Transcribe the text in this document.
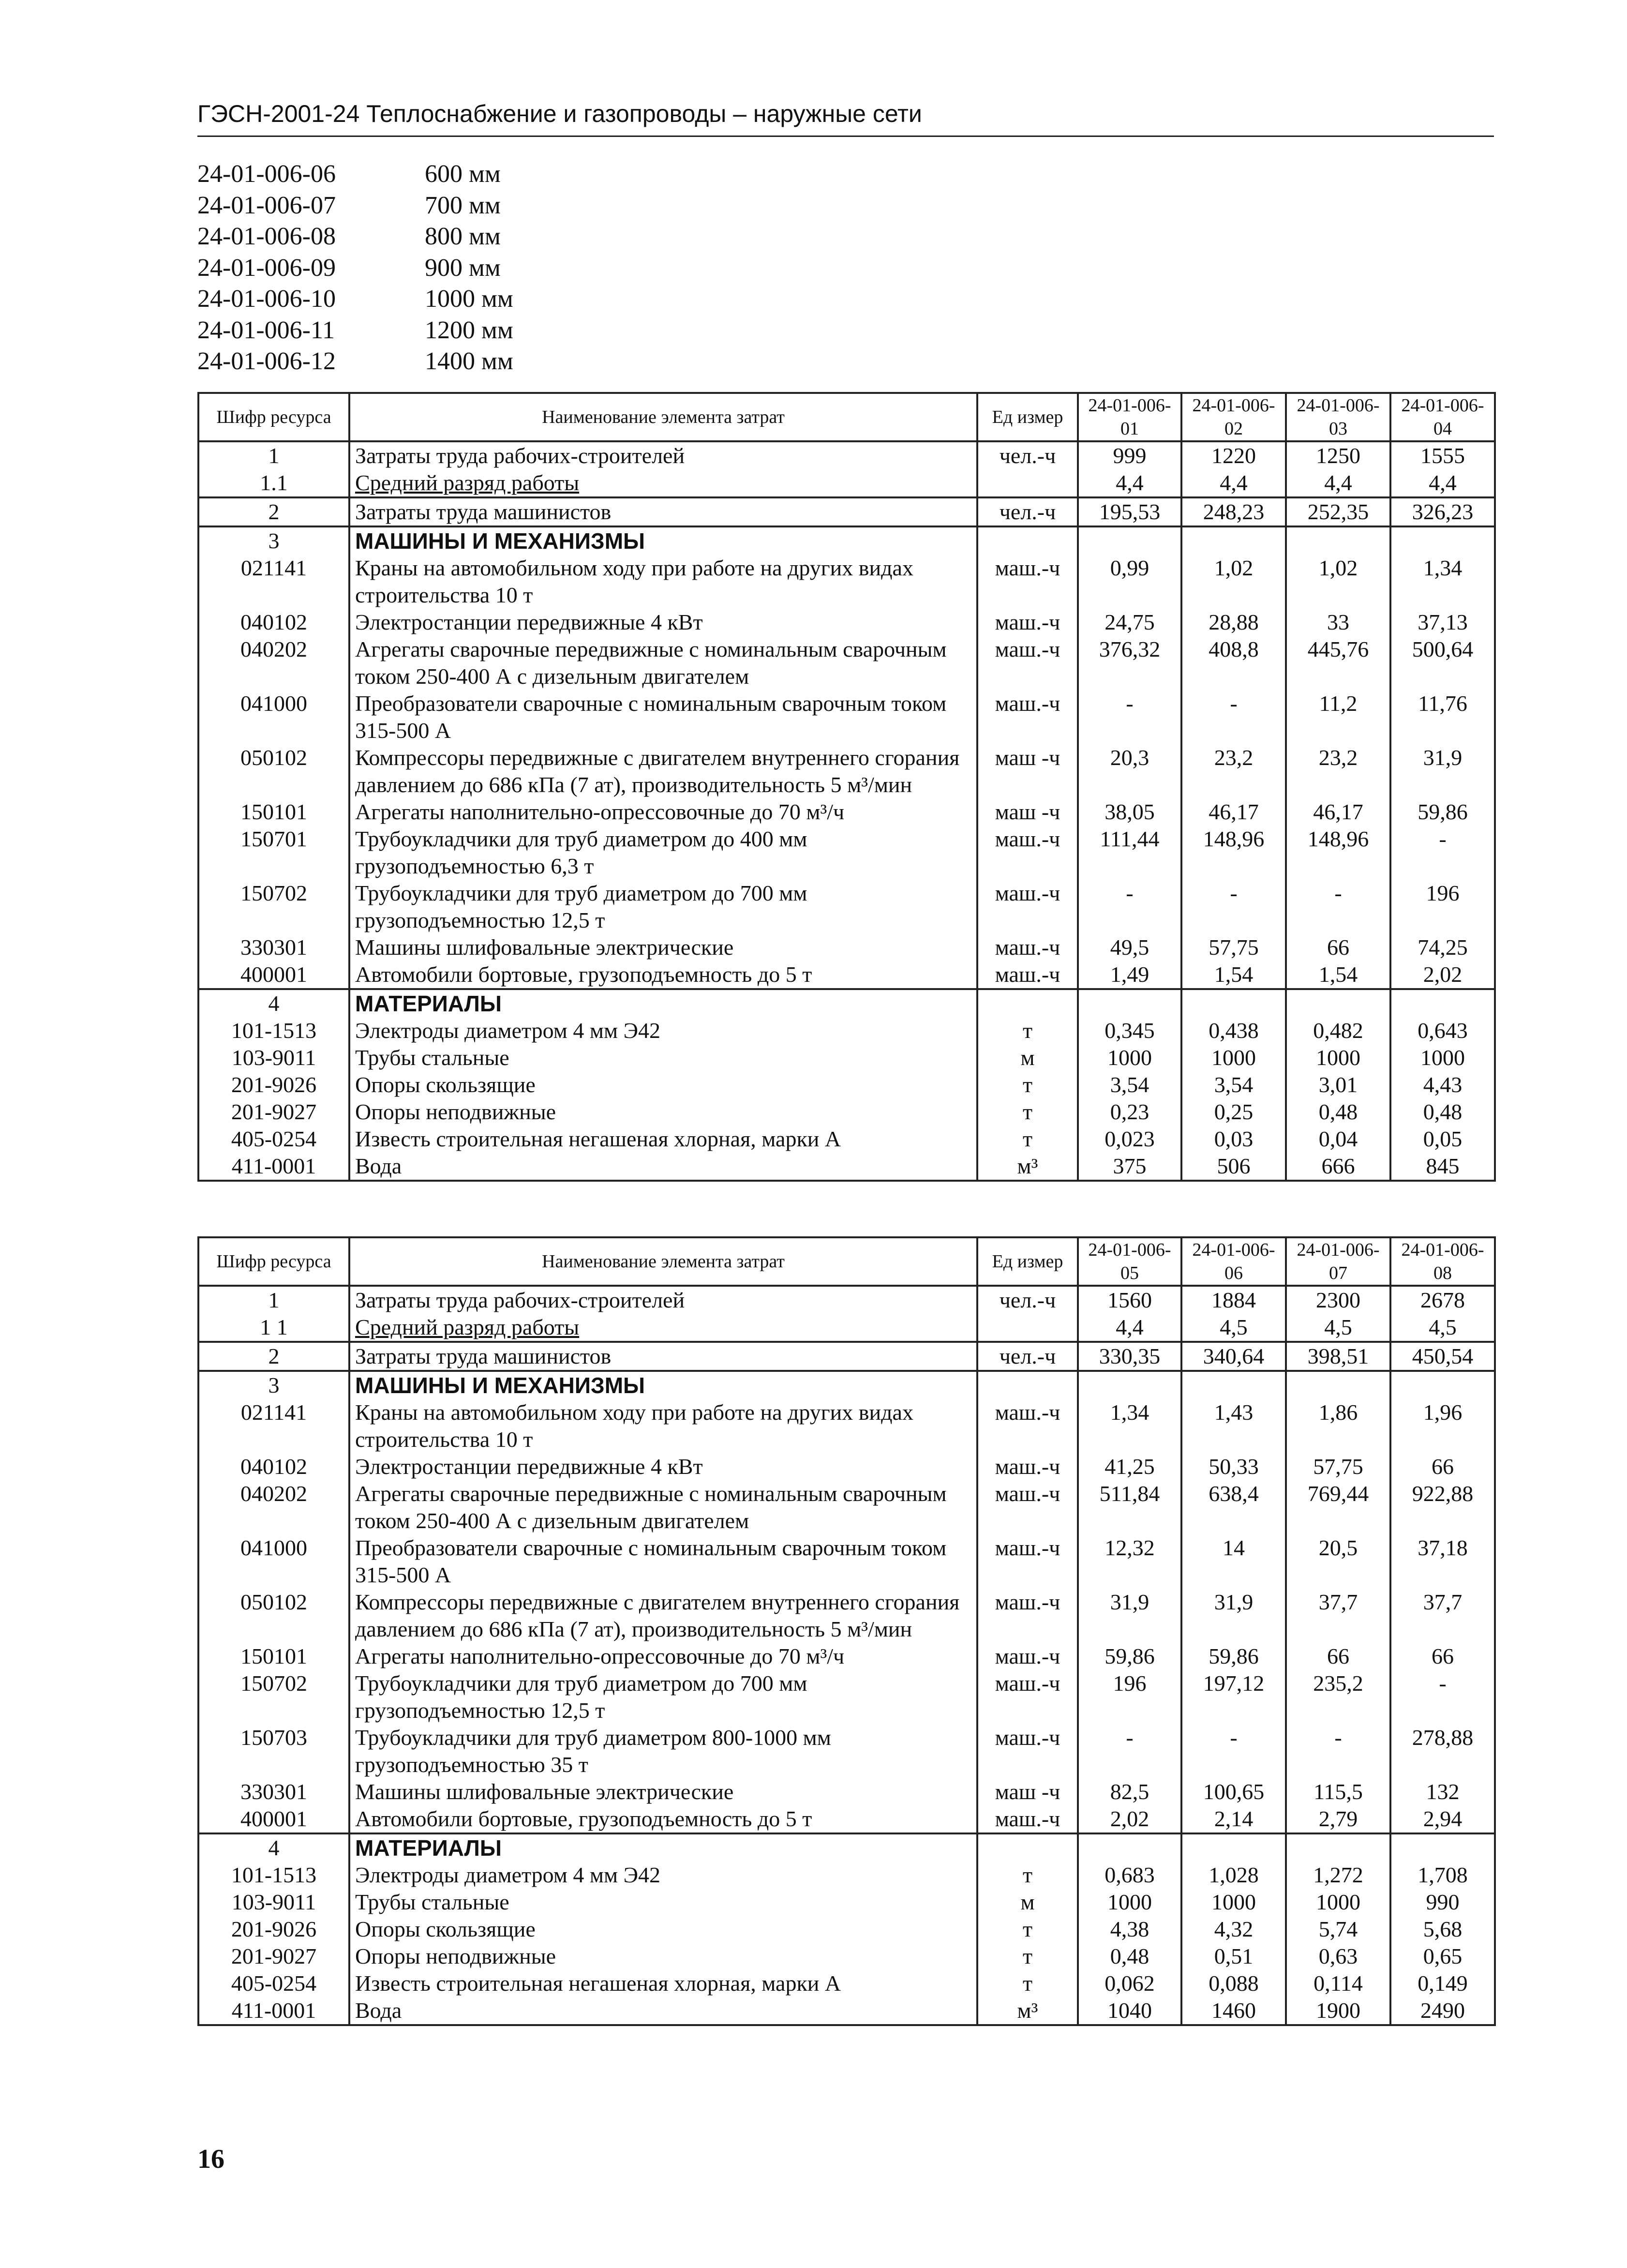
ГЭСН-2001-24 Теплоснабжение и газопроводы – наружные сети
24-01-006-06	600 мм
24-01-006-07	700 мм
24-01-006-08	800 мм
24-01-006-09	900 мм
24-01-006-10	1000 мм
24-01-006-11	1200 мм
24-01-006-12	1400 мм
Шифр ресурса	Наименование элемента затрат	Ед измер	24-01-006-01	24-01-006-02	24-01-006-03	24-01-006-04
1	Затраты труда рабочих-строителей	чел.-ч	999	1220	1250	1555
1.1	Средний разряд работы		4,4	4,4	4,4	4,4
2	Затраты труда машинистов	чел.-ч	195,53	248,23	252,35	326,23
3	МАШИНЫ И МЕХАНИЗМЫ					
021141	Краны на автомобильном ходу при работе на других видах строительства 10 т	маш.-ч	0,99	1,02	1,02	1,34
040102	Электростанции передвижные 4 кВт	маш.-ч	24,75	28,88	33	37,13
040202	Агрегаты сварочные передвижные с номинальным сварочным током 250-400 А с дизельным двигателем	маш.-ч	376,32	408,8	445,76	500,64
041000	Преобразователи сварочные с номинальным сварочным током 315-500 А	маш.-ч	-	-	11,2	11,76
050102	Компрессоры передвижные с двигателем внутреннего сгорания давлением до 686 кПа (7 ат), производительность 5 м³/мин	маш -ч	20,3	23,2	23,2	31,9
150101	Агрегаты наполнительно-опрессовочные до 70 м³/ч	маш -ч	38,05	46,17	46,17	59,86
150701	Трубоукладчики для труб диаметром до 400 мм грузоподъемностью 6,3 т	маш.-ч	111,44	148,96	148,96	-
150702	Трубоукладчики для труб диаметром до 700 мм грузоподъемностью 12,5 т	маш.-ч	-	-	-	196
330301	Машины шлифовальные электрические	маш.-ч	49,5	57,75	66	74,25
400001	Автомобили бортовые, грузоподъемность до 5 т	маш.-ч	1,49	1,54	1,54	2,02
4	МАТЕРИАЛЫ					
101-1513	Электроды диаметром 4 мм Э42	т	0,345	0,438	0,482	0,643
103-9011	Трубы стальные	м	1000	1000	1000	1000
201-9026	Опоры скользящие	т	3,54	3,54	3,01	4,43
201-9027	Опоры неподвижные	т	0,23	0,25	0,48	0,48
405-0254	Известь строительная негашеная хлорная, марки А	т	0,023	0,03	0,04	0,05
411-0001	Вода	м³	375	506	666	845
Шифр ресурса	Наименование элемента затрат	Ед измер	24-01-006-05	24-01-006-06	24-01-006-07	24-01-006-08
1	Затраты труда рабочих-строителей	чел.-ч	1560	1884	2300	2678
1 1	Средний разряд работы		4,4	4,5	4,5	4,5
2	Затраты труда машинистов	чел.-ч	330,35	340,64	398,51	450,54
3	МАШИНЫ И МЕХАНИЗМЫ					
021141	Краны на автомобильном ходу при работе на других видах строительства 10 т	маш.-ч	1,34	1,43	1,86	1,96
040102	Электростанции передвижные 4 кВт	маш.-ч	41,25	50,33	57,75	66
040202	Агрегаты сварочные передвижные с номинальным сварочным током 250-400 А с дизельным двигателем	маш.-ч	511,84	638,4	769,44	922,88
041000	Преобразователи сварочные с номинальным сварочным током 315-500 А	маш.-ч	12,32	14	20,5	37,18
050102	Компрессоры передвижные с двигателем внутреннего сгорания давлением до 686 кПа (7 ат), производительность 5 м³/мин	маш.-ч	31,9	31,9	37,7	37,7
150101	Агрегаты наполнительно-опрессовочные до 70 м³/ч	маш.-ч	59,86	59,86	66	66
150702	Трубоукладчики для труб диаметром до 700 мм грузоподъемностью 12,5 т	маш.-ч	196	197,12	235,2	-
150703	Трубоукладчики для труб диаметром 800-1000 мм грузоподъемностью 35 т	маш.-ч	-	-	-	278,88
330301	Машины шлифовальные электрические	маш -ч	82,5	100,65	115,5	132
400001	Автомобили бортовые, грузоподъемность до 5 т	маш.-ч	2,02	2,14	2,79	2,94
4	МАТЕРИАЛЫ					
101-1513	Электроды диаметром 4 мм Э42	т	0,683	1,028	1,272	1,708
103-9011	Трубы стальные	м	1000	1000	1000	990
201-9026	Опоры скользящие	т	4,38	4,32	5,74	5,68
201-9027	Опоры неподвижные	т	0,48	0,51	0,63	0,65
405-0254	Известь строительная негашеная хлорная, марки А	т	0,062	0,088	0,114	0,149
411-0001	Вода	м³	1040	1460	1900	2490
16
